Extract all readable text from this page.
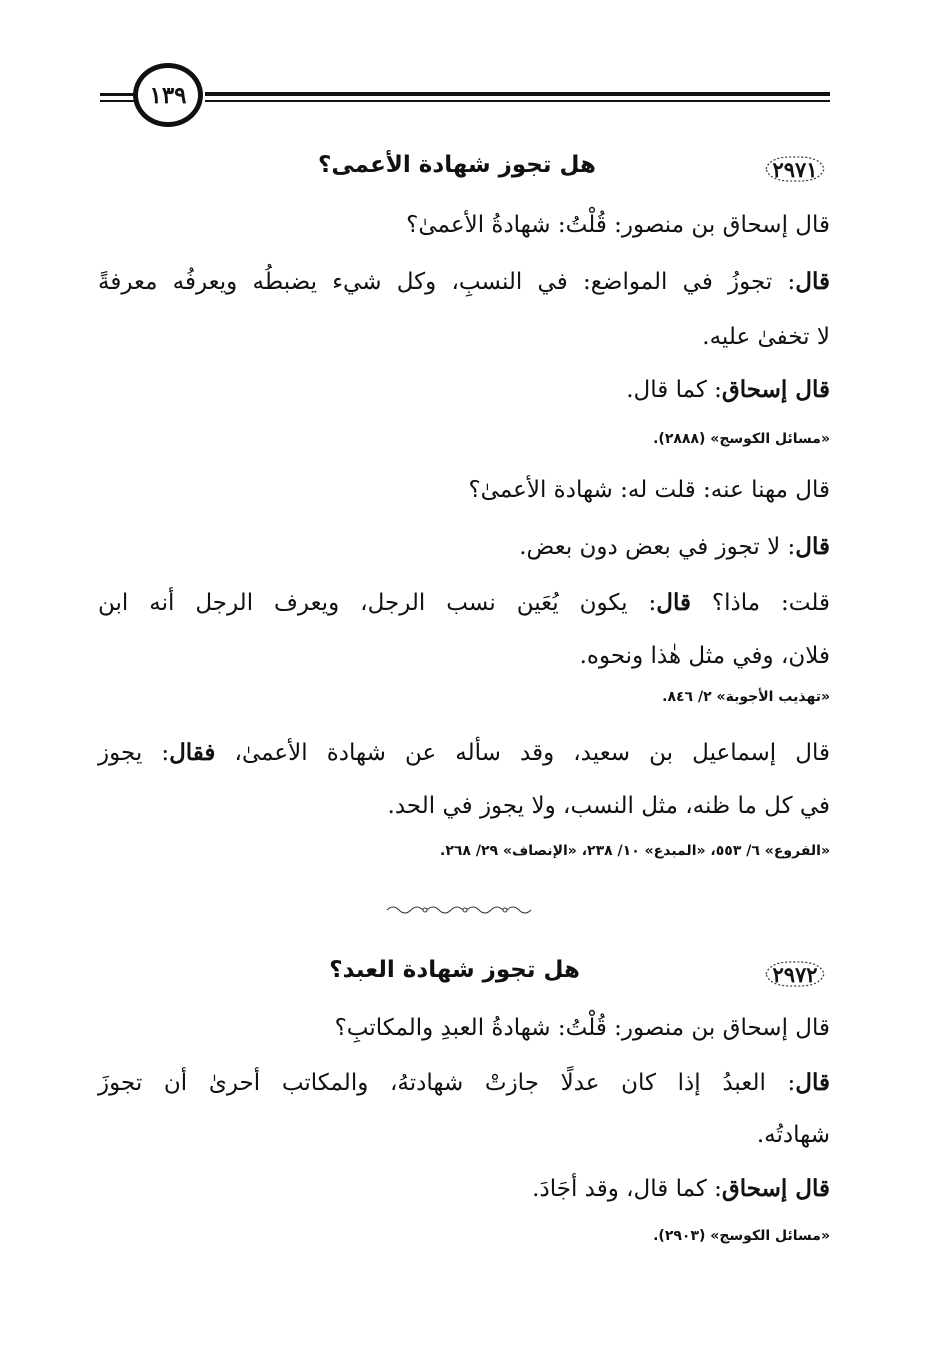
١٣٩
٢٩٧١
هل تجوز شهادة الأعمى؟
قال إسحاق بن منصور: قُلْتُ: شهادةُ الأعمىٰ؟
قال: تجوزُ في المواضع: في النسبِ، وكل شيء يضبطُه ويعرفُه معرفةً
لا تخفىٰ عليه.
قال إسحاق: كما قال.
«مسائل الكوسج» (٢٨٨٨).
قال مهنا عنه: قلت له: شهادة الأعمىٰ؟
قال: لا تجوز في بعض دون بعض.
قلت: ماذا؟ قال: يكون يُعَين نسب الرجل، ويعرف الرجل أنه ابن
فلان، وفي مثل هٰذا ونحوه.
«تهذيب الأجوبة» ٢/ ٨٤٦.
قال إسماعيل بن سعيد، وقد سأله عن شهادة الأعمىٰ، فقال: يجوز
في كل ما ظنه، مثل النسب، ولا يجوز في الحد.
«الفروع» ٦/ ٥٥٣، «المبدع» ١٠/ ٢٣٨، «الإنصاف» ٢٩/ ٢٦٨.
٢٩٧٢
هل تجوز شهادة العبد؟
قال إسحاق بن منصور: قُلْتُ: شهادةُ العبدِ والمكاتبِ؟
قال: العبدُ إذا كان عدلًا جازتْ شهادتهُ، والمكاتب أحرىٰ أن تجوزَ
شهادتُه.
قال إسحاق: كما قال، وقد أجَادَ.
«مسائل الكوسج» (٢٩٠٣).
